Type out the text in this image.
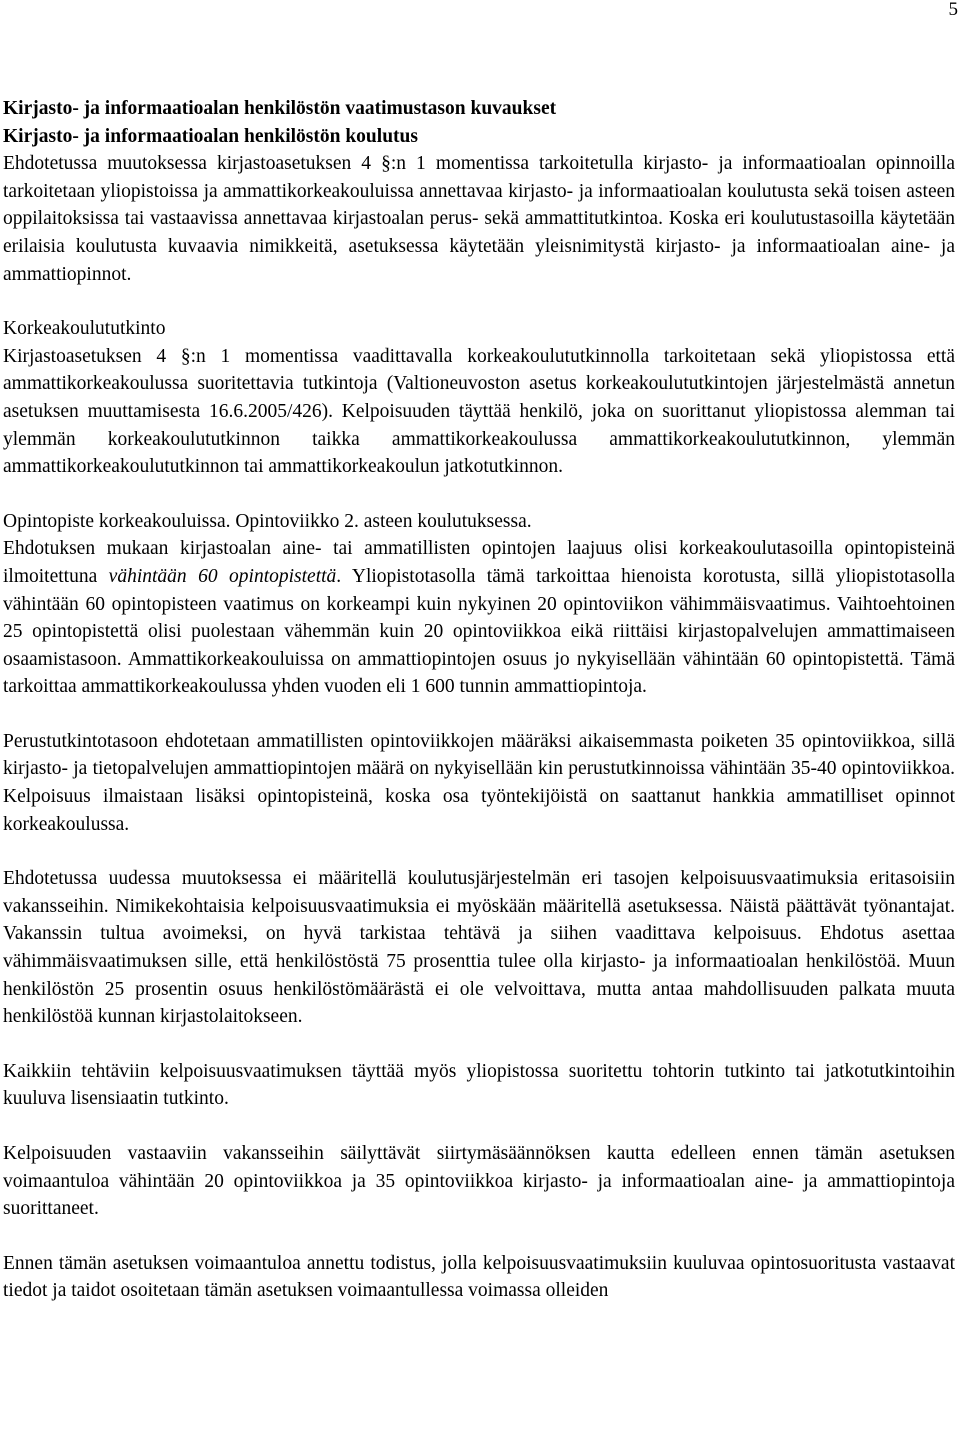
5

Kirjasto- ja informaatioalan henkilöstön vaatimustason kuvaukset

Kirjasto- ja informaatioalan henkilöstön koulutus

Ehdotetussa muutoksessa kirjastoasetuksen 4 §:n 1 momentissa tarkoitetulla kirjasto- ja informaatioalan opinnoilla tarkoitetaan yliopistoissa ja ammattikorkeakouluissa annettavaa kirjasto- ja informaatioalan koulutusta sekä toisen asteen oppilaitoksissa tai vastaavissa annettavaa kirjastoalan perus- sekä ammattitutkintoa. Koska eri koulutustasoilla käytetään erilaisia koulutusta kuvaavia nimikkeitä, asetuksessa käytetään yleisnimitystä kirjasto- ja informaatioalan aine- ja ammattiopinnot.

Korkeakoulututkinto

Kirjastoasetuksen 4 §:n 1 momentissa vaadittavalla korkeakoulututkinnolla tarkoitetaan sekä yliopistossa että ammattikorkeakoulussa suoritettavia tutkintoja (Valtioneuvoston asetus korkeakoulututkintojen järjestelmästä annetun asetuksen muuttamisesta 16.6.2005/426). Kelpoisuuden täyttää henkilö, joka on suorittanut yliopistossa alemman tai ylemmän korkeakoulututkinnon taikka ammattikorkeakoulussa ammattikorkeakoulututkinnon, ylemmän ammattikorkeakoulututkinnon tai ammattikorkeakoulun jatkotutkinnon.

Opintopiste korkeakouluissa. Opintoviikko 2. asteen koulutuksessa.

Ehdotuksen mukaan kirjastoalan aine- tai ammatillisten opintojen laajuus olisi korkeakoulutasoilla opintopisteinä ilmoitettuna vähintään 60 opintopistettä. Yliopistotasolla tämä tarkoittaa hienoista korotusta, sillä yliopistotasolla vähintään 60 opintopisteen vaatimus on korkeampi kuin nykyinen 20 opintoviikon vähimmäisvaatimus. Vaihtoehtoinen 25 opintopistettä olisi puolestaan vähemmän kuin 20 opintoviikkoa eikä riittäisi kirjastopalvelujen ammattimaiseen osaamistasoon. Ammattikorkeakouluissa on ammattiopintojen osuus jo nykyisellään vähintään 60 opintopistettä. Tämä tarkoittaa ammattikorkeakoulussa yhden vuoden eli 1 600 tunnin ammattiopintoja.

Perustutkintotasoon ehdotetaan ammatillisten opintoviikkojen määräksi aikaisemmasta poiketen 35 opintoviikkoa, sillä kirjasto- ja tietopalvelujen ammattiopintojen määrä on nykyisellään kin perustutkinnoissa vähintään 35-40 opintoviikkoa. Kelpoisuus ilmaistaan lisäksi opintopisteinä, koska osa työntekijöistä on saattanut hankkia ammatilliset opinnot korkeakoulussa.

Ehdotetussa uudessa muutoksessa ei määritellä koulutusjärjestelmän eri tasojen kelpoisuusvaatimuksia eritasoisiin vakansseihin. Nimikekohtaisia kelpoisuusvaatimuksia ei myöskään määritellä asetuksessa. Näistä päättävät työnantajat. Vakanssin tultua avoimeksi, on hyvä tarkistaa tehtävä ja siihen vaadittava kelpoisuus. Ehdotus asettaa vähimmäisvaatimuksen sille, että henkilöstöstä 75 prosenttia tulee olla kirjasto- ja informaatioalan henkilöstöä. Muun henkilöstön 25 prosentin osuus henkilöstömäärästä ei ole velvoittava, mutta antaa mahdollisuuden palkata muuta henkilöstöä kunnan kirjastolaitokseen.

Kaikkiin tehtäviin kelpoisuusvaatimuksen täyttää myös yliopistossa suoritettu tohtorin tutkinto tai jatkotutkintoihin kuuluva lisensiaatin tutkinto.

Kelpoisuuden vastaaviin vakansseihin säilyttävät siirtymäsäännöksen kautta edelleen ennen tämän asetuksen voimaantuloa vähintään 20 opintoviikkoa ja 35 opintoviikkoa kirjasto- ja informaatioalan aine- ja ammattiopintoja suorittaneet.

Ennen tämän asetuksen voimaantuloa annettu todistus, jolla kelpoisuusvaatimuksiin kuuluvaa opintosuoritusta vastaavat tiedot ja taidot osoitetaan tämän asetuksen voimaantullessa voimassa olleiden
